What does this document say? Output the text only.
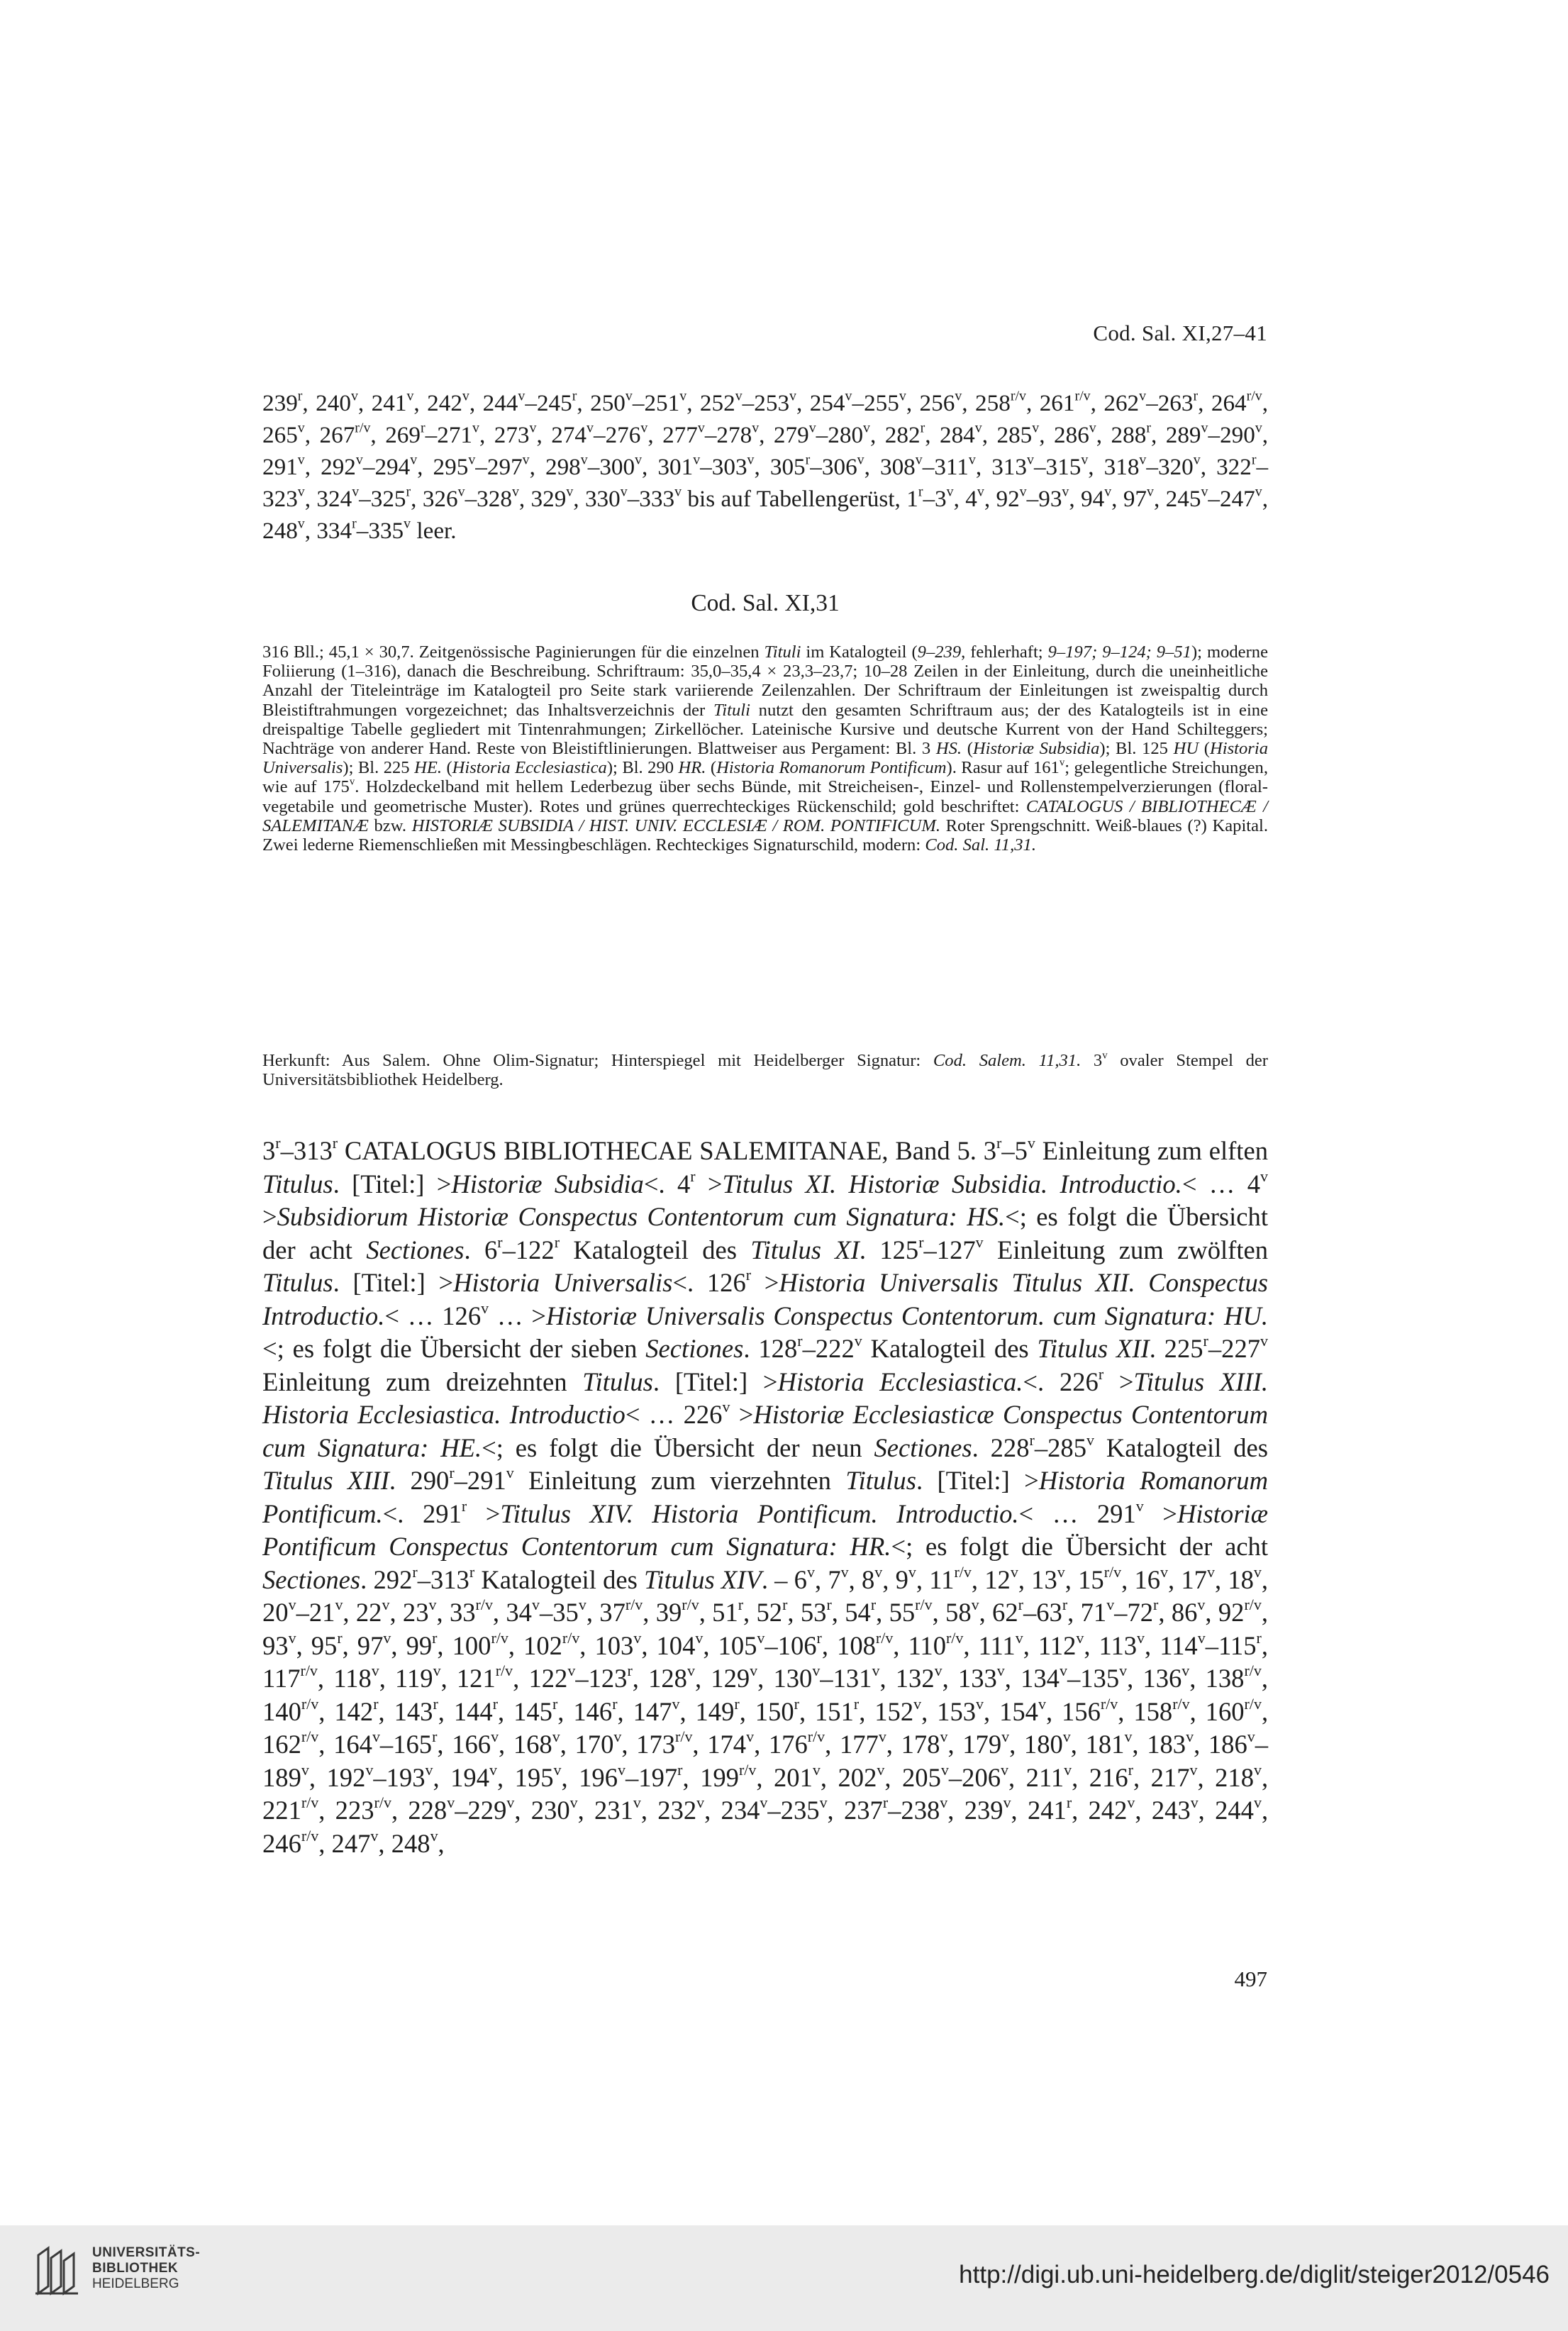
Cod. Sal. XI,27–41

239$^r$, 240$^v$, 241$^v$, 242$^v$, 244$^v$–245$^r$, 250$^v$–251$^v$, 252$^v$–253$^v$, 254$^v$–255$^v$, 256$^v$, $258^{r/v}$, $261^{r/v}$, 262$^v$–263$^r$, $264^{r/v}$, 265$^v$, $267^{r/v}$, 269$^r$–271$^v$, 273$^v$, 274$^v$–276$^v$, 277$^v$–278$^v$, 279$^v$–280$^v$, 282$^r$, 284$^v$, 285$^v$, 286$^v$, 288$^r$, 289$^v$–290$^v$, 291$^v$, 292$^v$–294$^v$, 295$^v$–297$^v$, 298$^v$–300$^v$, 301$^v$–303$^v$, 305$^r$–306$^v$, 308$^v$–311$^v$, 313$^v$–315$^v$, 318$^v$–320$^v$, 322$^r$–323$^v$, 324$^v$–325$^r$, 326$^v$–328$^v$, 329$^v$, 330$^v$–333$^v$ bis auf Tabellengerüst, 1$^r$–3$^v$, 4$^v$, 92$^v$–93$^v$, 94$^v$, 97$^v$, 245$^v$–247$^v$, 248$^v$, 334$^r$–335$^v$ leer.

Cod. Sal. XI,31

316 Bll.; 45,1 × 30,7. Zeitgenössische Paginierungen für die einzelnen Tituli im Katalogteil (9–239, fehlerhaft; 9–197; 9–124; 9–51); moderne Foliierung (1–316), danach die Beschreibung. Schriftraum: 35,0–35,4 × 23,3–23,7; 10–28 Zeilen in der Einleitung, durch die uneinheitliche Anzahl der Titeleinträge im Katalogteil pro Seite stark variierende Zeilenzahlen. Der Schriftraum der Einleitungen ist zweispaltig durch Bleistiftrahmungen vorgezeichnet; das Inhaltsverzeichnis der Tituli nutzt den gesamten Schriftraum aus; der des Katalogteils ist in eine dreispaltige Tabelle gegliedert mit Tintenrahmungen; Zirkellöcher. Lateinische Kursive und deutsche Kurrent von der Hand Schilteggers; Nachträge von anderer Hand. Reste von Bleistiftlinierungen. Blattweiser aus Pergament: Bl. 3 HS. (Historiæ Subsidia); Bl. 125 HU (Historia Universalis); Bl. 225 HE. (Historia Ecclesiastica); Bl. 290 HR. (Historia Romanorum Pontificum). Rasur auf 161$^v$; gelegentliche Streichungen, wie auf 175$^v$. Holzdeckelband mit hellem Lederbezug über sechs Bünde, mit Streicheisen-, Einzel- und Rollenstempelverzierungen (floral-vegetabile und geometrische Muster). Rotes und grünes querrechteckiges Rückenschild; gold beschriftet: CATALOGUS / BIBLIOTHECÆ / SALEMITANÆ bzw. HISTORIÆ SUBSIDIA / HIST. UNIV. ECCLESIÆ / ROM. PONTIFICUM. Roter Sprengschnitt. Weiß-blaues (?) Kapital. Zwei lederne Riemenschließen mit Messingbeschlägen. Rechteckiges Signaturschild, modern: Cod. Sal. 11,31.

Herkunft: Aus Salem. Ohne Olim-Signatur; Hinterspiegel mit Heidelberger Signatur: Cod. Salem. 11,31. 3$^v$ ovaler Stempel der Universitätsbibliothek Heidelberg.

3$^r$–313$^r$ CATALOGUS BIBLIOTHECAE SALEMITANAE, Band 5. 3$^r$–5$^v$ Einleitung zum elften Titulus. [Titel:] >Historiæ Subsidia<. $4^r$ >Titulus XI. Historiæ Subsidia. Introductio.< … $4^v$ >Subsidiorum Historiæ Conspectus Contentorum cum Signatura: HS.<; es folgt die Übersicht der acht Sectiones. 6$^r$–122$^r$ Katalogteil des Titulus XI. 125$^r$–127$^v$ Einleitung zum zwölften Titulus. [Titel:] >Historia Universalis<. $126^r$ >Historia Universalis Titulus XII. Conspectus Introductio.< … 126$^v$ … >Historiæ Universalis Conspectus Contentorum. cum Signatura: HU.<; es folgt die Übersicht der sieben Sectiones. 128$^r$–222$^v$ Katalogteil des Titulus XII. 225$^r$–227$^v$ Einleitung zum dreizehnten Titulus. [Titel:] >Historia Ecclesiastica.<. $226^r$ >Titulus XIII. Historia Ecclesiastica. Introductio< … $226^v$ >Historiæ Ecclesiasticæ Conspectus Contentorum cum Signatura: HE.<; es folgt die Übersicht der neun Sectiones. 228$^r$–285$^v$ Katalogteil des Titulus XIII. 290$^r$–291$^v$ Einleitung zum vierzehnten Titulus. [Titel:] >Historia Romanorum Pontificum.<. $291^r$ >Titulus XIV. Historia Pontificum. Introductio.< … $291^v$ >Historiæ Pontificum Conspectus Contentorum cum Signatura: HR.<; es folgt die Übersicht der acht Sectiones. 292$^r$–313$^r$ Katalogteil des Titulus XIV. – 6$^v$, 7$^v$, 8$^v$, 9$^v$, $11^{r/v}$, 12$^v$, 13$^v$, $15^{r/v}$, 16$^v$, 17$^v$, 18$^v$, 20$^v$–21$^v$, 22$^v$, 23$^v$, $33^{r/v}$, 34$^v$–35$^v$, $37^{r/v}$, $39^{r/v}$, 51$^r$, 52$^r$, 53$^r$, 54$^r$, $55^{r/v}$, 58$^v$, 62$^r$–63$^r$, 71$^v$–72$^r$, 86$^v$, $92^{r/v}$, 93$^v$, 95$^r$, 97$^v$, 99$^r$, $100^{r/v}$, $102^{r/v}$, 103$^v$, 104$^v$, 105$^v$–106$^r$, $108^{r/v}$, $110^{r/v}$, 111$^v$, 112$^v$, 113$^v$, 114$^v$–115$^r$, $117^{r/v}$, 118$^v$, 119$^v$, $121^{r/v}$, 122$^v$–123$^r$, 128$^v$, 129$^v$, 130$^v$–131$^v$, 132$^v$, 133$^v$, 134$^v$–135$^v$, 136$^v$, $138^{r/v}$, $140^{r/v}$, 142$^r$, 143$^r$, 144$^r$, 145$^r$, 146$^r$, 147$^v$, 149$^r$, 150$^r$, 151$^r$, 152$^v$, 153$^v$, 154$^v$, $156^{r/v}$, $158^{r/v}$, $160^{r/v}$, $162^{r/v}$, 164$^v$–165$^r$, 166$^v$, 168$^v$, 170$^v$, $173^{r/v}$, 174$^v$, $176^{r/v}$, 177$^v$, 178$^v$, 179$^v$, 180$^v$, 181$^v$, 183$^v$, 186$^v$–189$^v$, 192$^v$–193$^v$, 194$^v$, 195$^v$, 196$^v$–197$^r$, $199^{r/v}$, 201$^v$, 202$^v$, 205$^v$–206$^v$, 211$^v$, 216$^r$, 217$^v$, 218$^v$, $221^{r/v}$, $223^{r/v}$, 228$^v$–229$^v$, 230$^v$, 231$^v$, 232$^v$, 234$^v$–235$^v$, 237$^r$–238$^v$, 239$^v$, 241$^r$, 242$^v$, 243$^v$, 244$^v$, $246^{r/v}$, 247$^v$, 248$^v$,

497
UNIVERSITÄTS-
BIBLIOTHEK
HEIDELBERG	http://digi.ub.uni-heidelberg.de/diglit/steiger2012/0546
